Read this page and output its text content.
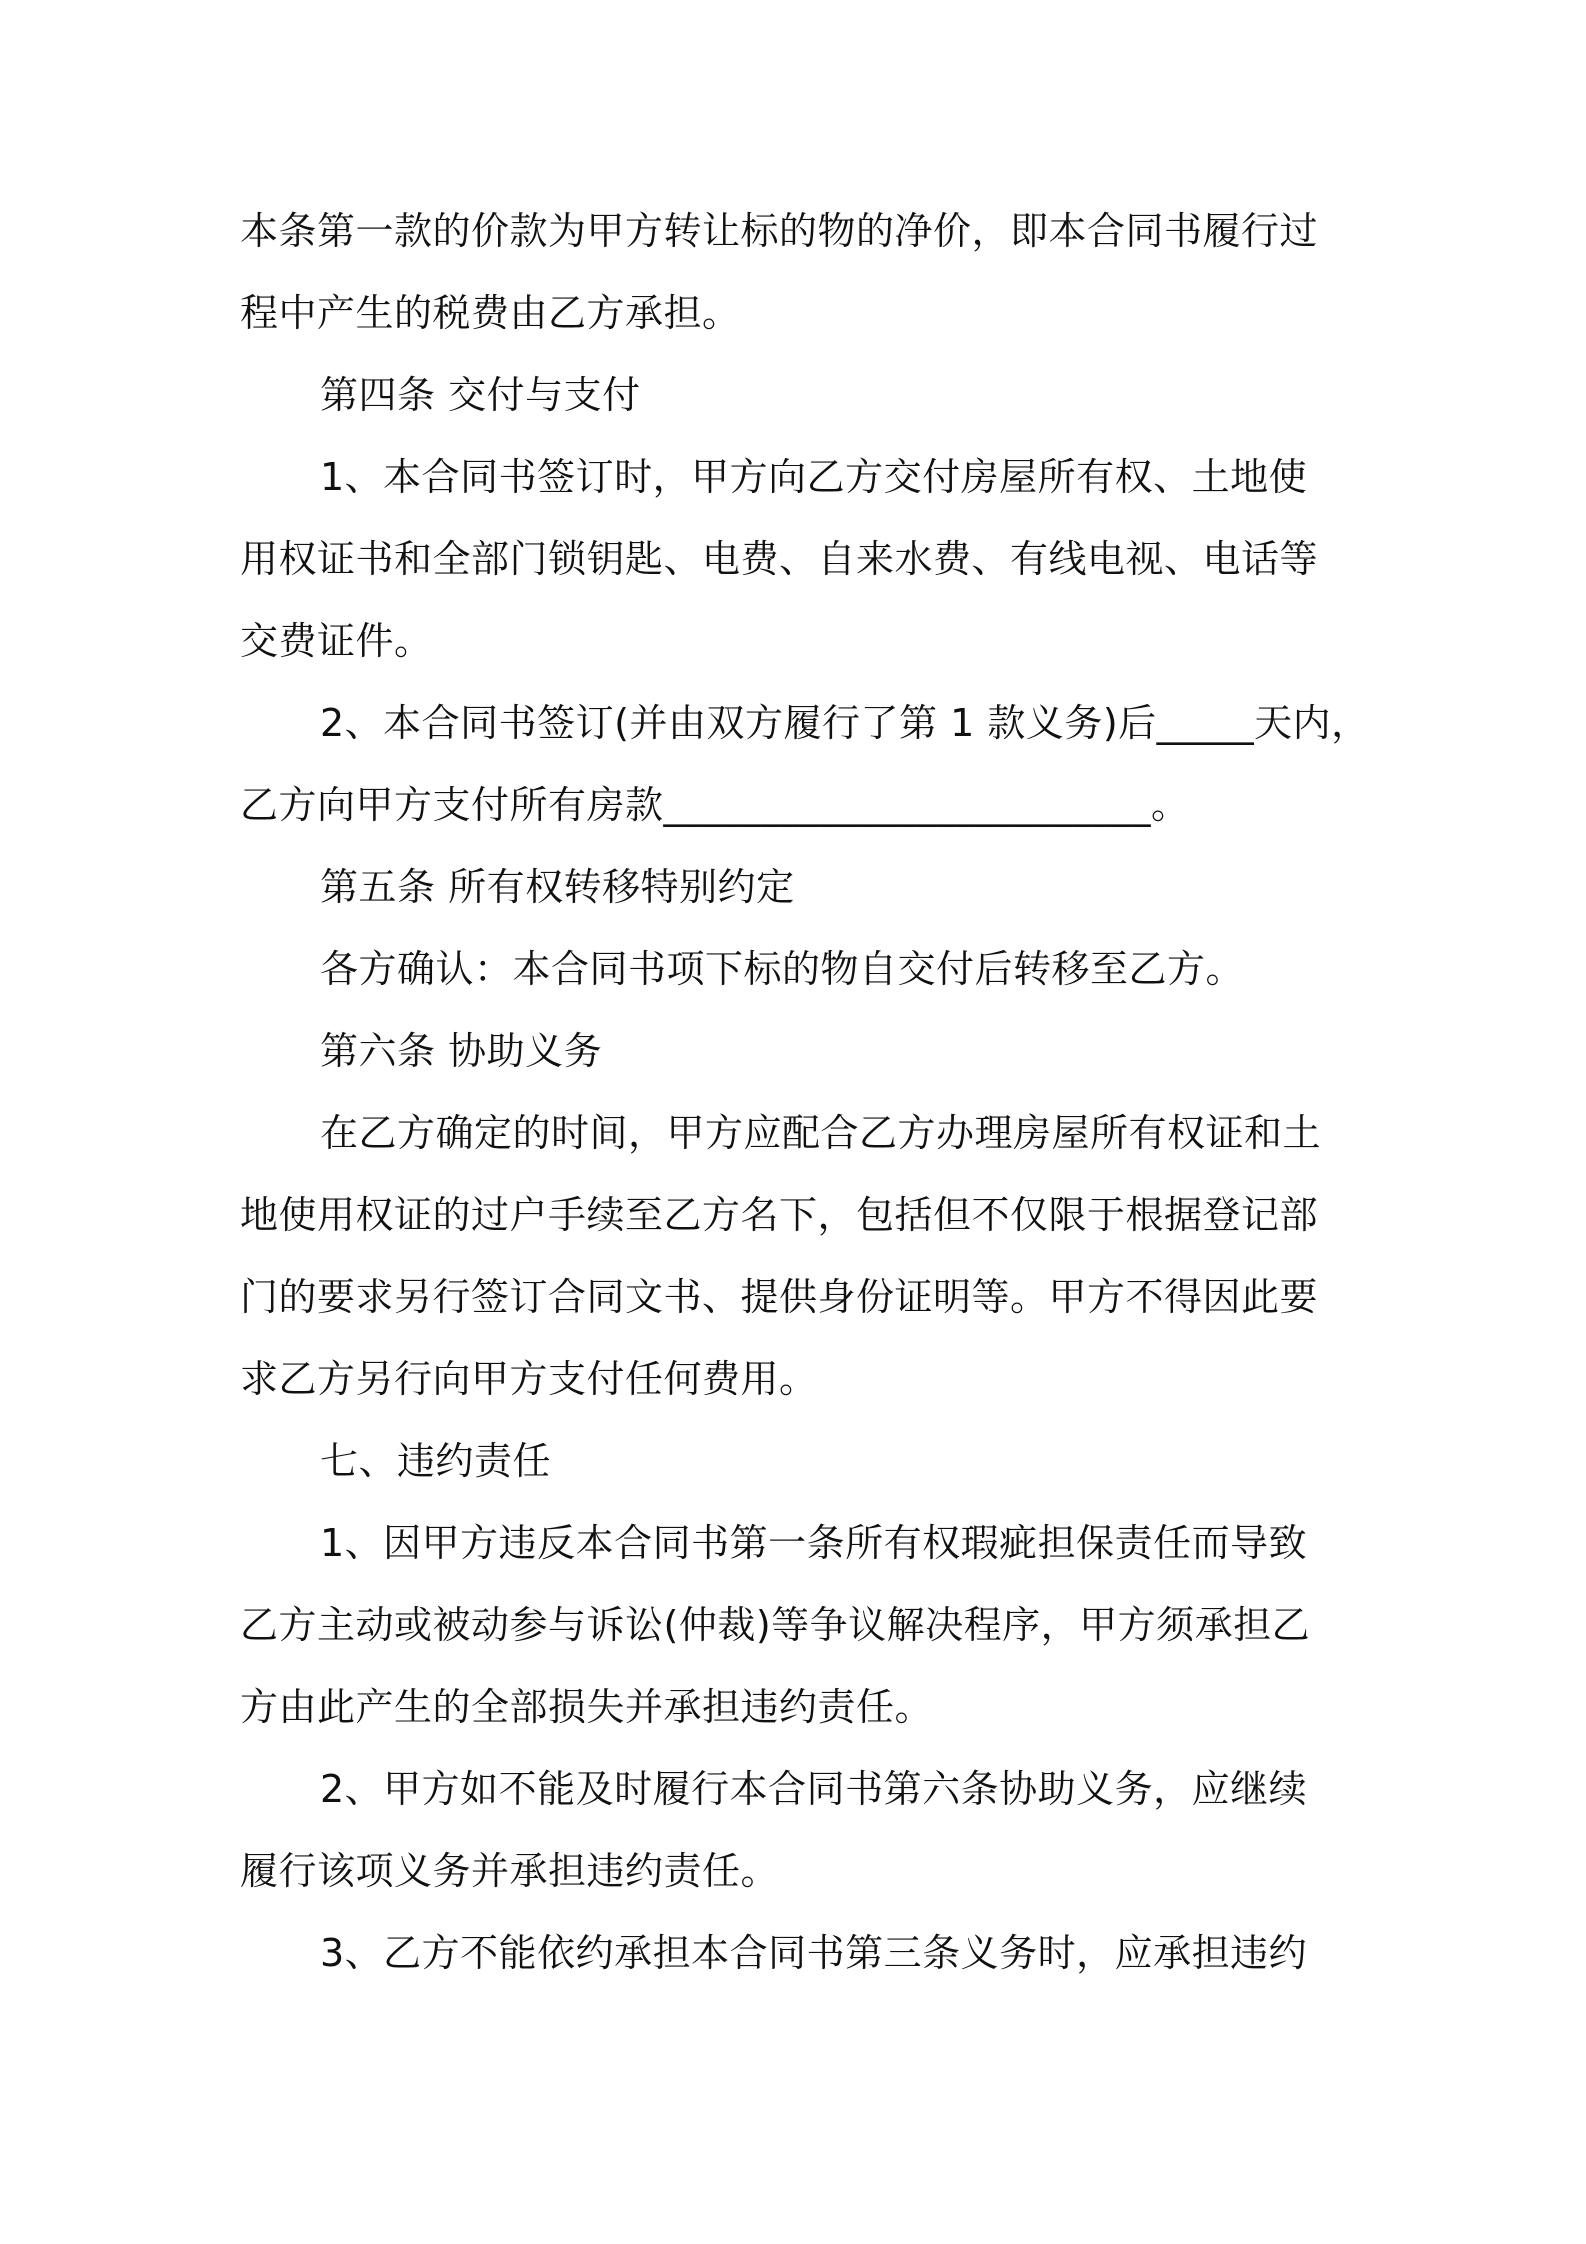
本条第一款的价款为甲方转让标的物的净价，即本合同书履行过
程中产生的税费由乙方承担。
第四条 交付与支付
1、本合同书签订时，甲方向乙方交付房屋所有权、土地使
用权证书和全部门锁钥匙、电费、自来水费、有线电视、电话等
交费证件。
2、本合同书签订(并由双方履行了第 1 款义务)后_____天内，
乙方向甲方支付所有房款_________________________。
第五条 所有权转移特别约定
各方确认：本合同书项下标的物自交付后转移至乙方。
第六条 协助义务
在乙方确定的时间，甲方应配合乙方办理房屋所有权证和土
地使用权证的过户手续至乙方名下，包括但不仅限于根据登记部
门的要求另行签订合同文书、提供身份证明等。甲方不得因此要
求乙方另行向甲方支付任何费用。
七、违约责任
1、因甲方违反本合同书第一条所有权瑕疵担保责任而导致
乙方主动或被动参与诉讼(仲裁)等争议解决程序，甲方须承担乙
方由此产生的全部损失并承担违约责任。
2、甲方如不能及时履行本合同书第六条协助义务，应继续
履行该项义务并承担违约责任。
3、乙方不能依约承担本合同书第三条义务时，应承担违约
